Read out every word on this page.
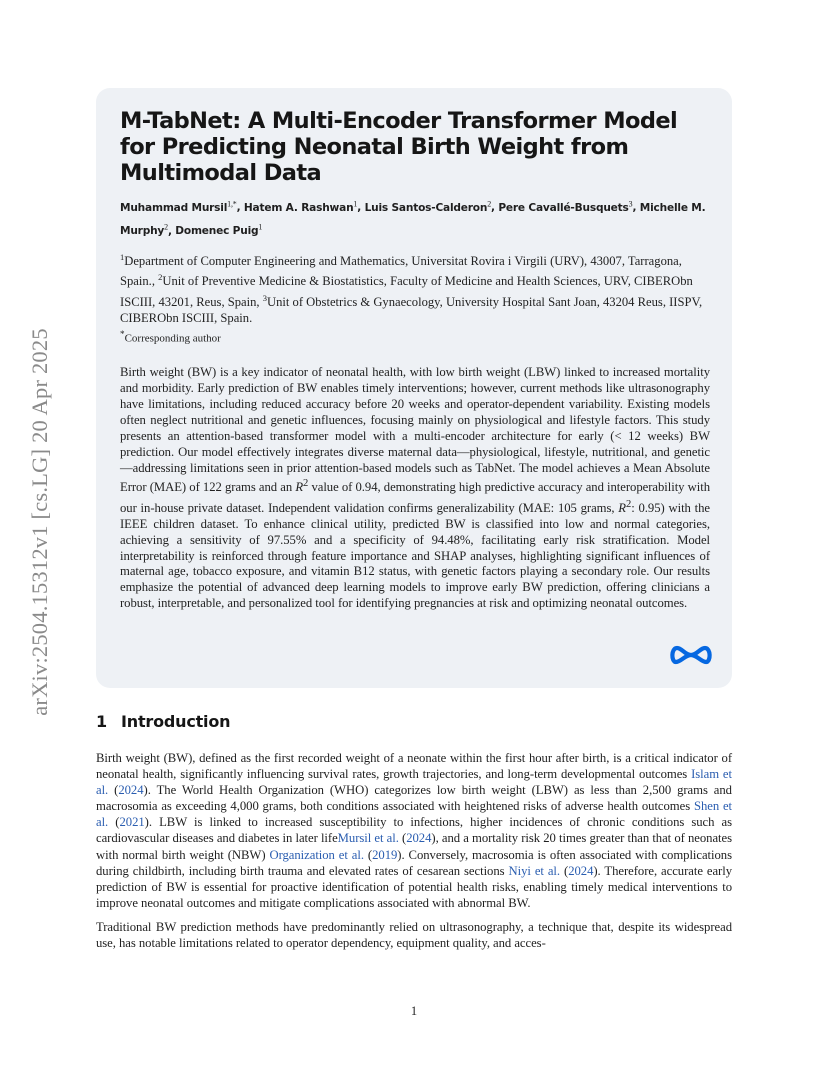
arXiv:2504.15312v1 [cs.LG] 20 Apr 2025
M-TabNet: A Multi-Encoder Transformer Model for Predicting Neonatal Birth Weight from Multimodal Data
Muhammad Mursil$^{1,*}$, Hatem A. Rashwan$^1$, Luis Santos-Calderon$^2$, Pere Cavallé-Busquets$^3$, Michelle M. Murphy$^2$, Domenec Puig$^1$
$^1$Department of Computer Engineering and Mathematics, Universitat Rovira i Virgili (URV), 43007, Tarragona, Spain., $^2$Unit of Preventive Medicine & Biostatistics, Faculty of Medicine and Health Sciences, URV, CIBERObn ISCIII, 43201, Reus, Spain, $^3$Unit of Obstetrics & Gynaecology, University Hospital Sant Joan, 43204 Reus, IISPV, CIBERObn ISCIII, Spain.
*Corresponding author
Birth weight (BW) is a key indicator of neonatal health, with low birth weight (LBW) linked to increased mortality and morbidity. Early prediction of BW enables timely interventions; however, current methods like ultrasonography have limitations, including reduced accuracy before 20 weeks and operator-dependent variability. Existing models often neglect nutritional and genetic influences, focusing mainly on physiological and lifestyle factors. This study presents an attention-based transformer model with a multi-encoder architecture for early (< 12 weeks) BW prediction. Our model effectively integrates diverse maternal data—physiological, lifestyle, nutritional, and genetic—addressing limitations seen in prior attention-based models such as TabNet. The model achieves a Mean Absolute Error (MAE) of 122 grams and an $R^2$ value of 0.94, demonstrating high predictive accuracy and interoperability with our in-house private dataset. Independent validation confirms generalizability (MAE: 105 grams, $R^2$: 0.95) with the IEEE children dataset. To enhance clinical utility, predicted BW is classified into low and normal categories, achieving a sensitivity of 97.55% and a specificity of 94.48%, facilitating early risk stratification. Model interpretability is reinforced through feature importance and SHAP analyses, highlighting significant influences of maternal age, tobacco exposure, and vitamin B12 status, with genetic factors playing a secondary role. Our results emphasize the potential of advanced deep learning models to improve early BW prediction, offering clinicians a robust, interpretable, and personalized tool for identifying pregnancies at risk and optimizing neonatal outcomes.
1 Introduction

Birth weight (BW), defined as the first recorded weight of a neonate within the first hour after birth, is a critical indicator of neonatal health, significantly influencing survival rates, growth trajectories, and long-term developmental outcomes Islam et al. (2024). The World Health Organization (WHO) categorizes low birth weight (LBW) as less than 2,500 grams and macrosomia as exceeding 4,000 grams, both conditions associated with heightened risks of adverse health outcomes Shen et al. (2021). LBW is linked to increased susceptibility to infections, higher incidences of chronic conditions such as cardiovascular diseases and diabetes in later lifeMursil et al. (2024), and a mortality risk 20 times greater than that of neonates with normal birth weight (NBW) Organization et al. (2019). Conversely, macrosomia is often associated with complications during childbirth, including birth trauma and elevated rates of cesarean sections Niyi et al. (2024). Therefore, accurate early prediction of BW is essential for proactive identification of potential health risks, enabling timely medical interventions to improve neonatal outcomes and mitigate complications associated with abnormal BW.

Traditional BW prediction methods have predominantly relied on ultrasonography, a technique that, despite its widespread use, has notable limitations related to operator dependency, equipment quality, and acces-

1
